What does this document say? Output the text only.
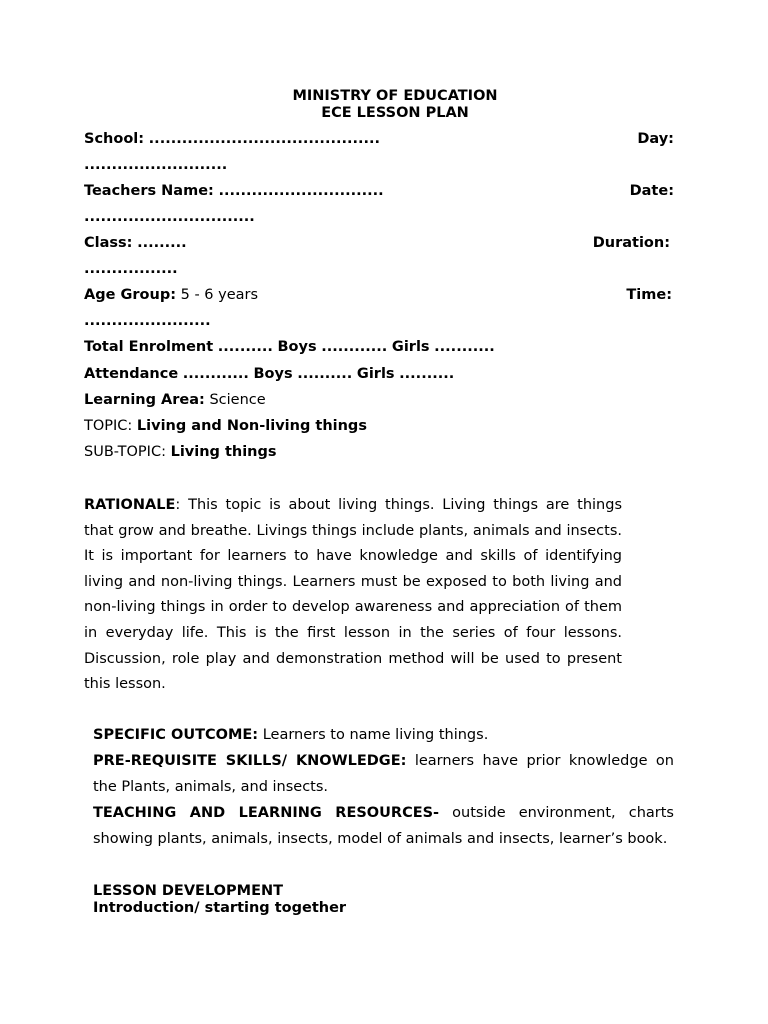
MINISTRY OF EDUCATION
ECE LESSON PLAN
School: ..........................................	Day:
..........................
Teachers Name: ..............................	Date:
...............................
Class: .........	Duration:
.................
Age Group: 5 - 6 years	Time:
.......................
Total Enrolment .......... Boys ............ Girls ...........
Attendance ............ Boys .......... Girls ..........
Learning Area: Science
TOPIC: Living and Non-living things
SUB-TOPIC: Living things
RATIONALE: This topic is about living things. Living things are things that grow and breathe. Livings things include plants, animals and insects. It is important for learners to have knowledge and skills of identifying living and non-living things. Learners must be exposed to both living and non-living things in order to develop awareness and appreciation of them in everyday life. This is the first lesson in the series of four lessons. Discussion, role play and demonstration method will be used to present this lesson.
SPECIFIC OUTCOME: Learners to name living things.
PRE-REQUISITE SKILLS/ KNOWLEDGE: learners have prior knowledge on the Plants, animals, and insects.
TEACHING AND LEARNING RESOURCES- outside environment, charts showing plants, animals, insects, model of animals and insects, learner’s book.
LESSON DEVELOPMENT
Introduction/ starting together
